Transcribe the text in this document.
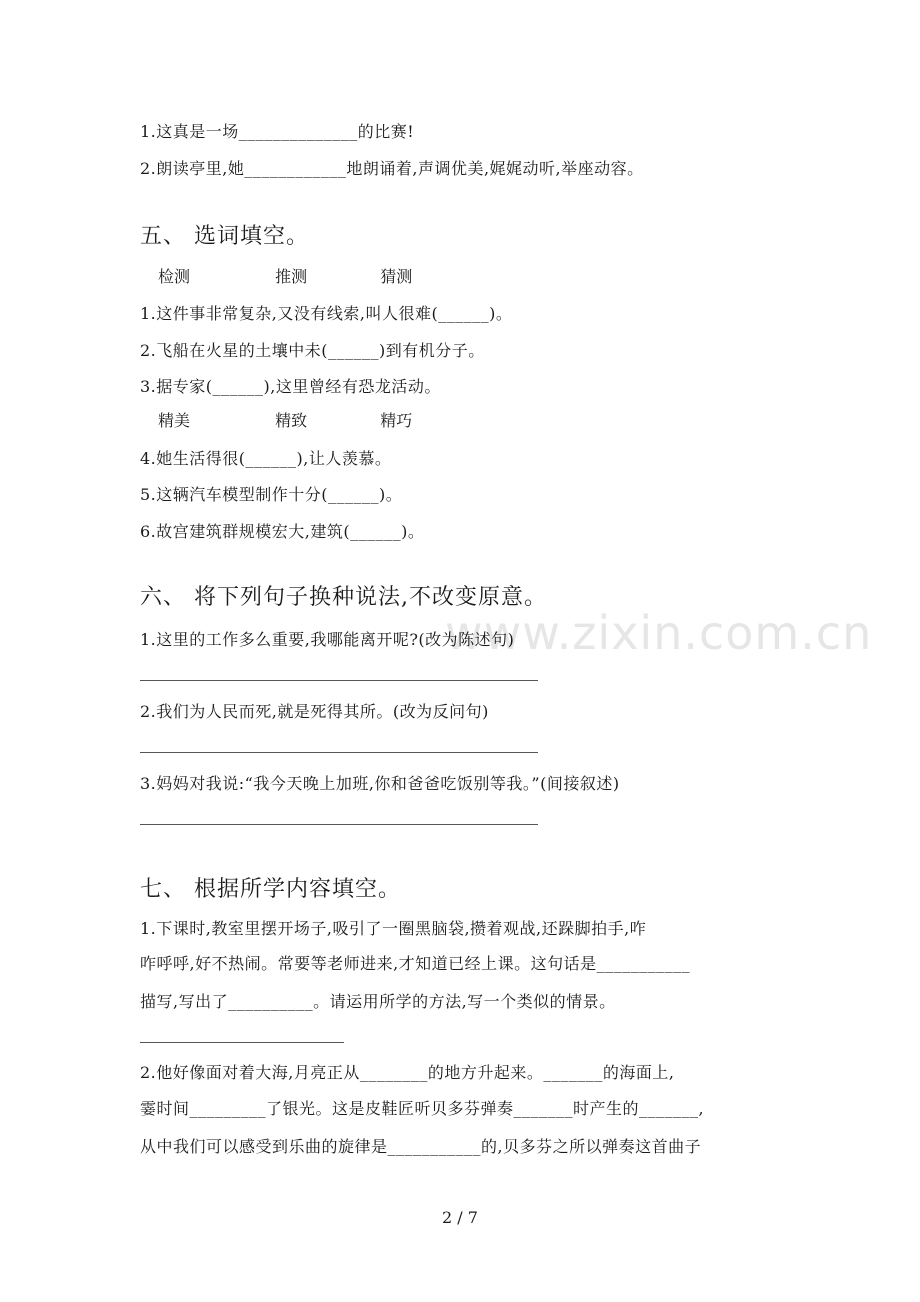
1.这真是一场______________的比赛!
2.朗读亭里,她____________地朗诵着,声调优美,娓娓动听,举座动容。
五、 选词填空。
检测	推测	猜测
1.这件事非常复杂,又没有线索,叫人很难(______)。
2.飞船在火星的土壤中未(______)到有机分子。
3.据专家(______),这里曾经有恐龙活动。
精美	精致	精巧
4.她生活得很(______),让人羡慕。
5.这辆汽车模型制作十分(______)。
6.故宫建筑群规模宏大,建筑(______)。
六、 将下列句子换种说法,不改变原意。
www.zixin.com.cn
1.这里的工作多么重要,我哪能离开呢?(改为陈述句)
2.我们为人民而死,就是死得其所。(改为反问句)
3.妈妈对我说:“我今天晚上加班,你和爸爸吃饭别等我。”(间接叙述)
七、 根据所学内容填空。
1.下课时,教室里摆开场子,吸引了一圈黑脑袋,攒着观战,还跺脚拍手,咋
咋呼呼,好不热闹。常要等老师进来,才知道已经上课。这句话是___________
描写,写出了__________。请运用所学的方法,写一个类似的情景。
2.他好像面对着大海,月亮正从________的地方升起来。_______的海面上,
霎时间_________了银光。这是皮鞋匠听贝多芬弹奏_______时产生的_______,
从中我们可以感受到乐曲的旋律是___________的,贝多芬之所以弹奏这首曲子
2 / 7
